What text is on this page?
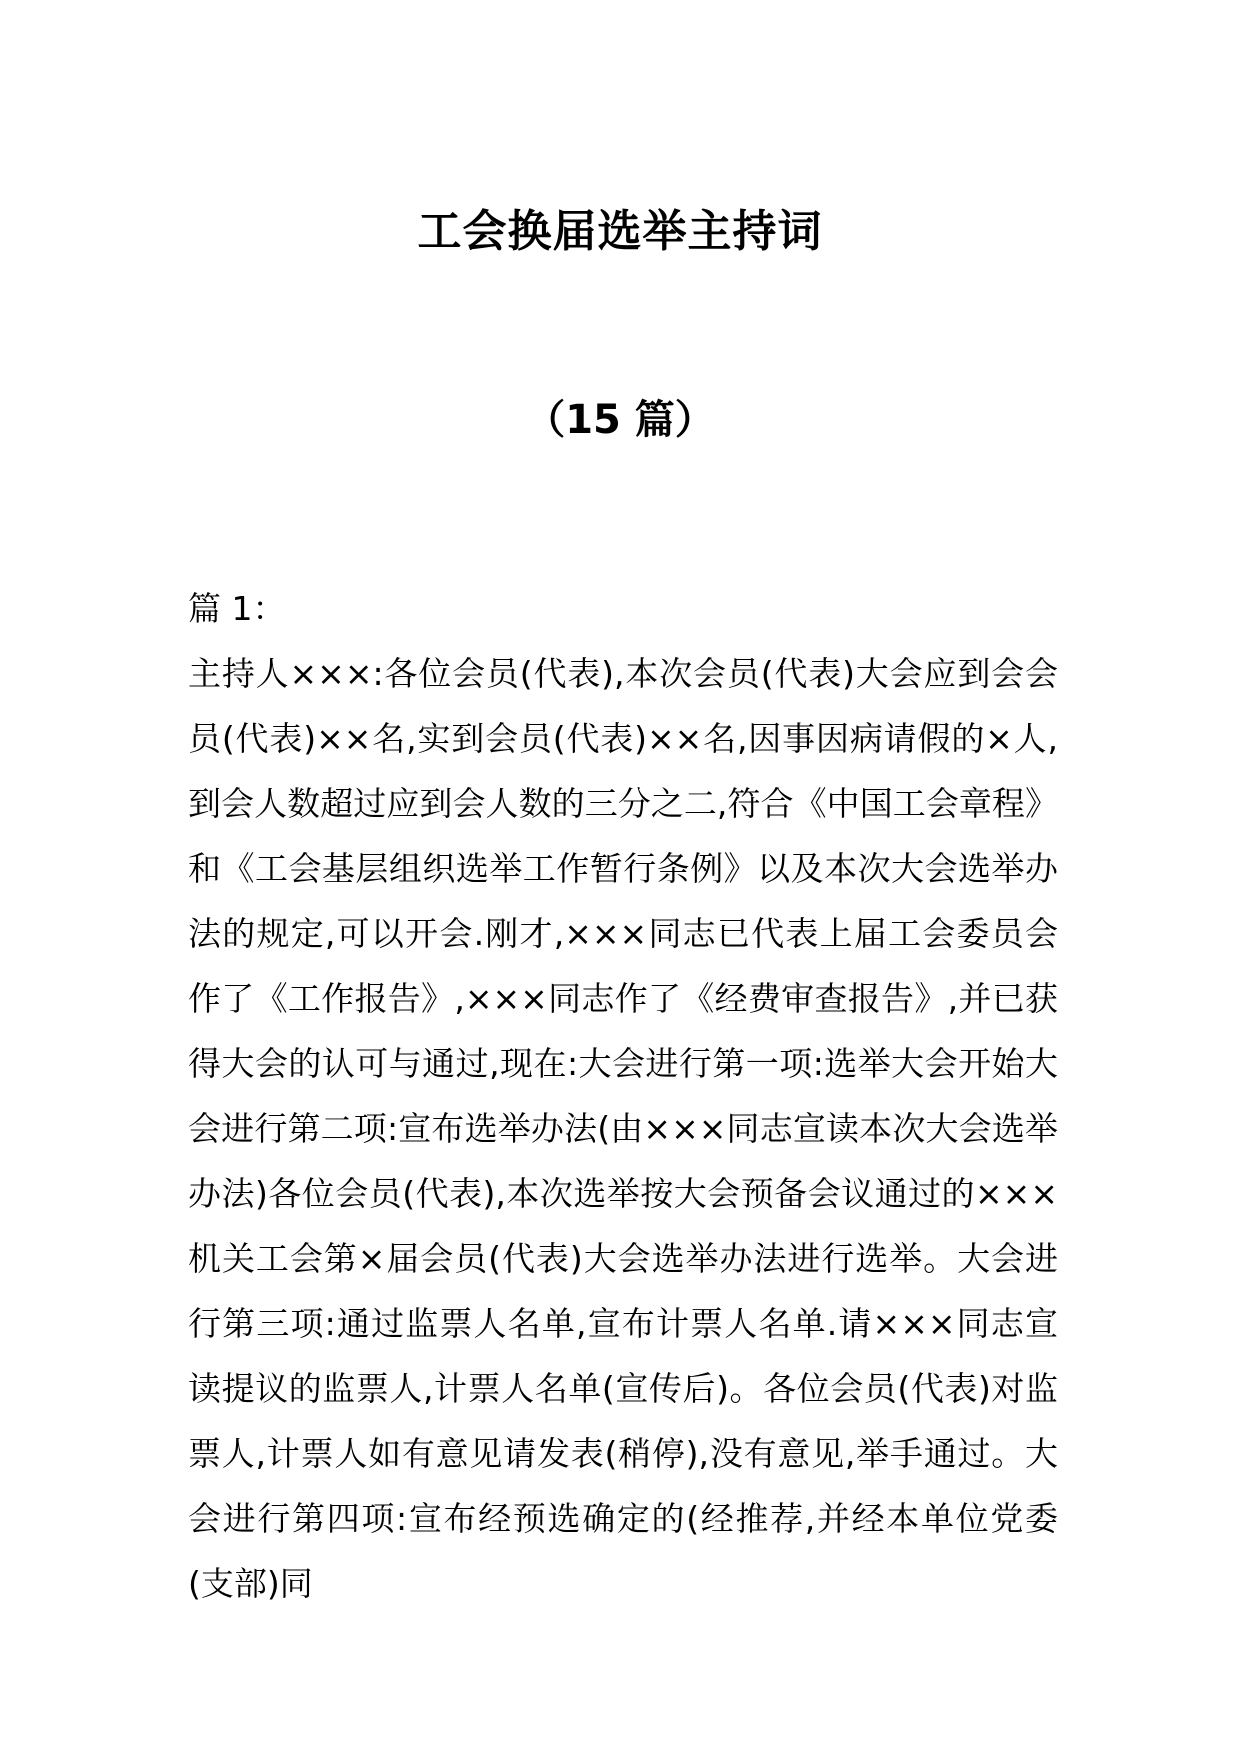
工会换届选举主持词
（15 篇）

篇 1：

主持人×××:各位会员(代表),本次会员(代表)大会应到会会员(代表)××名,实到会员(代表)××名,因事因病请假的×人,到会人数超过应到会人数的三分之二,符合《中国工会章程》和《工会基层组织选举工作暂行条例》以及本次大会选举办法的规定,可以开会.刚才,×××同志已代表上届工会委员会作了《工作报告》,×××同志作了《经费审查报告》,并已获得大会的认可与通过,现在:大会进行第一项:选举大会开始大会进行第二项:宣布选举办法(由×××同志宣读本次大会选举办法)各位会员(代表),本次选举按大会预备会议通过的×××机关工会第×届会员(代表)大会选举办法进行选举。大会进行第三项:通过监票人名单,宣布计票人名单.请×××同志宣读提议的监票人,计票人名单(宣传后)。各位会员(代表)对监票人,计票人如有意见请发表(稍停),没有意见,举手通过。大会进行第四项:宣布经预选确定的(经推荐,并经本单位党委(支部)同
